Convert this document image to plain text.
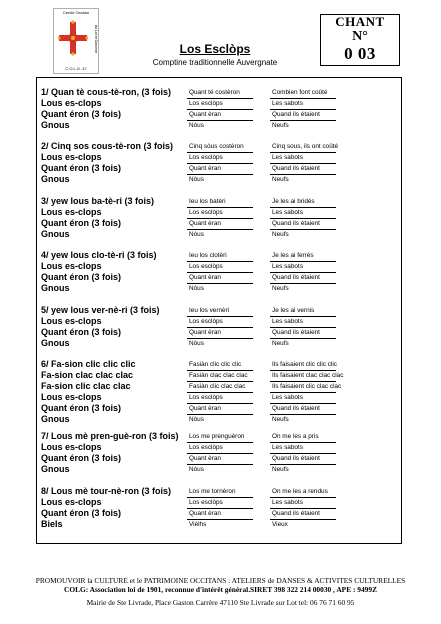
Cercle Occitan
du Lot et Garonne
C.O.L.G. 47
Los Esclòps
Comptine traditionnelle Auvergnate
CHANT
N°
0 03
1/ Quan tè cous-tè-ron, (3 fois)	Quant té costèron	Combien font coûté
Lous es-clops	Los esclòps	Les sabots
Quant éron (3 fois)	Quant èran	Quand ils étaient
Gnous	Nòus	Neufs
2/ Cinq sos cous-tè-ron (3 fois)	Cinq sòus costèron	Cinq sous, ils ont coûté
Lous es-clops	Los esclòps	Les sabots
Quant éron (3 fois)	Quant èran	Quand ils étaient
Gnous	Nòus	Neufs
3/ yew lous ba-tè-ri (3 fois)	Ieu los batèri	Je les ai bridés
Lous es-clops	Los esclòps	Les sabots
Quant éron (3 fois)	Quant èran	Quand ils étaient
Gnous	Nòus	Neufs
4/ yew lous clo-tè-ri (3 fois)	Ieu los clotèri	Je les ai ferrés
Lous es-clops	Los esclòps	Les sabots
Quant éron (3 fois)	Quant èran	Quand ils étaient
Gnous	Nòus	Neufs
5/ yew lous ver-nè-ri (3 fois)	Ieu los vernèri	Je les ai vernis
Lous es-clops	Los esclòps	Les sabots
Quant éron (3 fois)	Quant èran	Quand ils étaient
Gnous	Nòus	Neufs
6/ Fa-sion clic clic clic	Fasiàn clic clic clic	Ils faisaient clic clic clic
Fa-sion clac clac clac	Fasiàn clac clac clac	Ils faisaient clac clac clac
Fa-sion clic clac clac	Fasiàn clic clac clac	Ils faisaient clic clac clac
Lous es-clops	Los esclòps	Les sabots
Quant éron (3 fois)	Quant èran	Quand ils étaient
Gnous	Nòus	Neufs
7/ Lous mè pren-guè-ron (3 fois)	Los me prenguèron	On me les a pris
Lous es-clops	Los esclòps	Les sabots
Quant éron (3 fois)	Quant èran	Quand ils étaient
Gnous	Nòus	Neufs
8/ Lous mè tour-nè-ron (3 fois)	Los me tornèron	On me les a rendus
Lous es-clops	Los esclòps	Les sabots
Quant éron (3 fois)	Quant èran	Quand ils étaient
Biels	Vièlhs	Vieux
PROMOUVOIR la CULTURE et le PATRIMOINE OCCITANS : ATELIERS de DANSES & ACTIVITES CULTURELLES
COLG: Association loi de 1901, reconnue d'intérêt général.SIRET 398 322 214 00030 , APE : 9499Z
Mairie de Ste Livrade, Place Gaston Carrère 47110 Ste Livrade sur Lot tel: 06 76 71 60 95
